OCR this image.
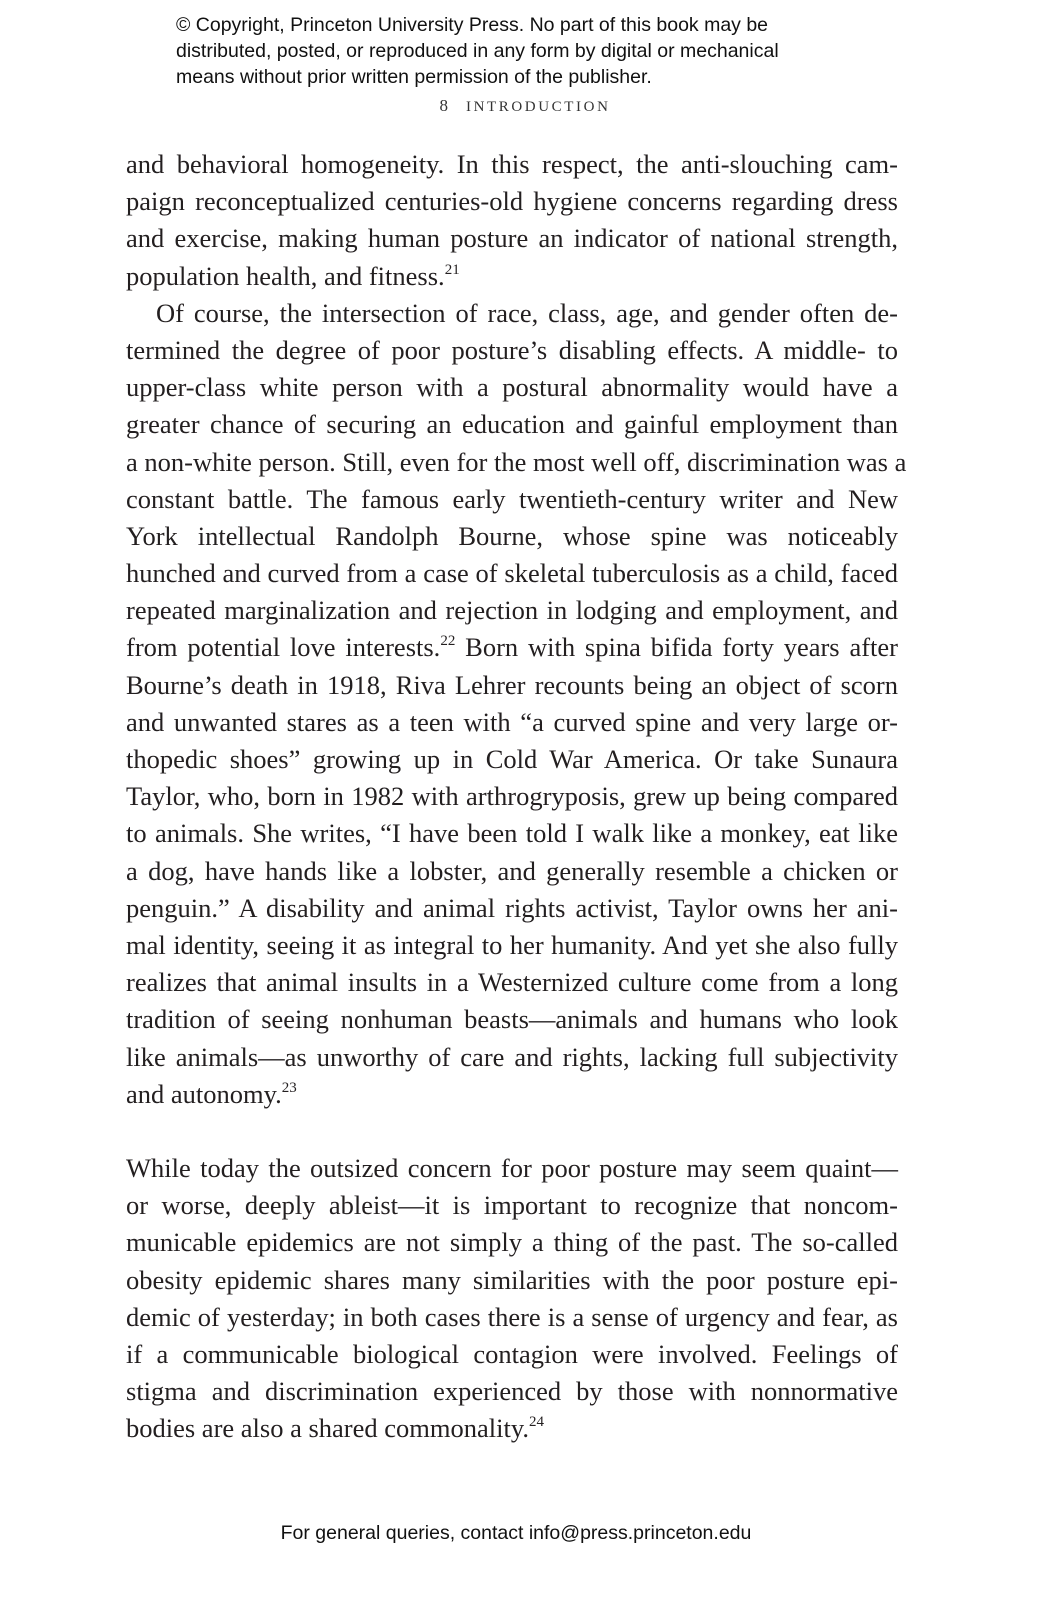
© Copyright, Princeton University Press. No part of this book may be
distributed, posted, or reproduced in any form by digital or mechanical
means without prior written permission of the publisher.
8 INTRODUCTION
and behavioral homogeneity. In this respect, the anti-slouching cam-
paign reconceptualized centuries-old hygiene concerns regarding dress
and exercise, making human posture an indicator of national strength,
population health, and fitness.$^{21}$
Of course, the intersection of race, class, age, and gender often de-
termined the degree of poor posture’s disabling effects. A middle- to
upper-class white person with a postural abnormality would have a
greater chance of securing an education and gainful employment than
a non-white person. Still, even for the most well off, discrimination was a
constant battle. The famous early twentieth-century writer and New
York intellectual Randolph Bourne, whose spine was noticeably
hunched and curved from a case of skeletal tuberculosis as a child, faced
repeated marginalization and rejection in lodging and employment, and
from potential love interests.$^{22}$ Born with spina bifida forty years after
Bourne’s death in 1918, Riva Lehrer recounts being an object of scorn
and unwanted stares as a teen with “a curved spine and very large or-
thopedic shoes” growing up in Cold War America. Or take Sunaura
Taylor, who, born in 1982 with arthrogryposis, grew up being compared
to animals. She writes, “I have been told I walk like a monkey, eat like
a dog, have hands like a lobster, and generally resemble a chicken or
penguin.” A disability and animal rights activist, Taylor owns her ani-
mal identity, seeing it as integral to her humanity. And yet she also fully
realizes that animal insults in a Westernized culture come from a long
tradition of seeing nonhuman beasts—animals and humans who look
like animals—as unworthy of care and rights, lacking full subjectivity
and autonomy.$^{23}$
While today the outsized concern for poor posture may seem quaint—
or worse, deeply ableist—it is important to recognize that noncom-
municable epidemics are not simply a thing of the past. The so-called
obesity epidemic shares many similarities with the poor posture epi-
demic of yesterday; in both cases there is a sense of urgency and fear, as
if a communicable biological contagion were involved. Feelings of
stigma and discrimination experienced by those with nonnormative
bodies are also a shared commonality.$^{24}$
For general queries, contact info@press.princeton.edu
